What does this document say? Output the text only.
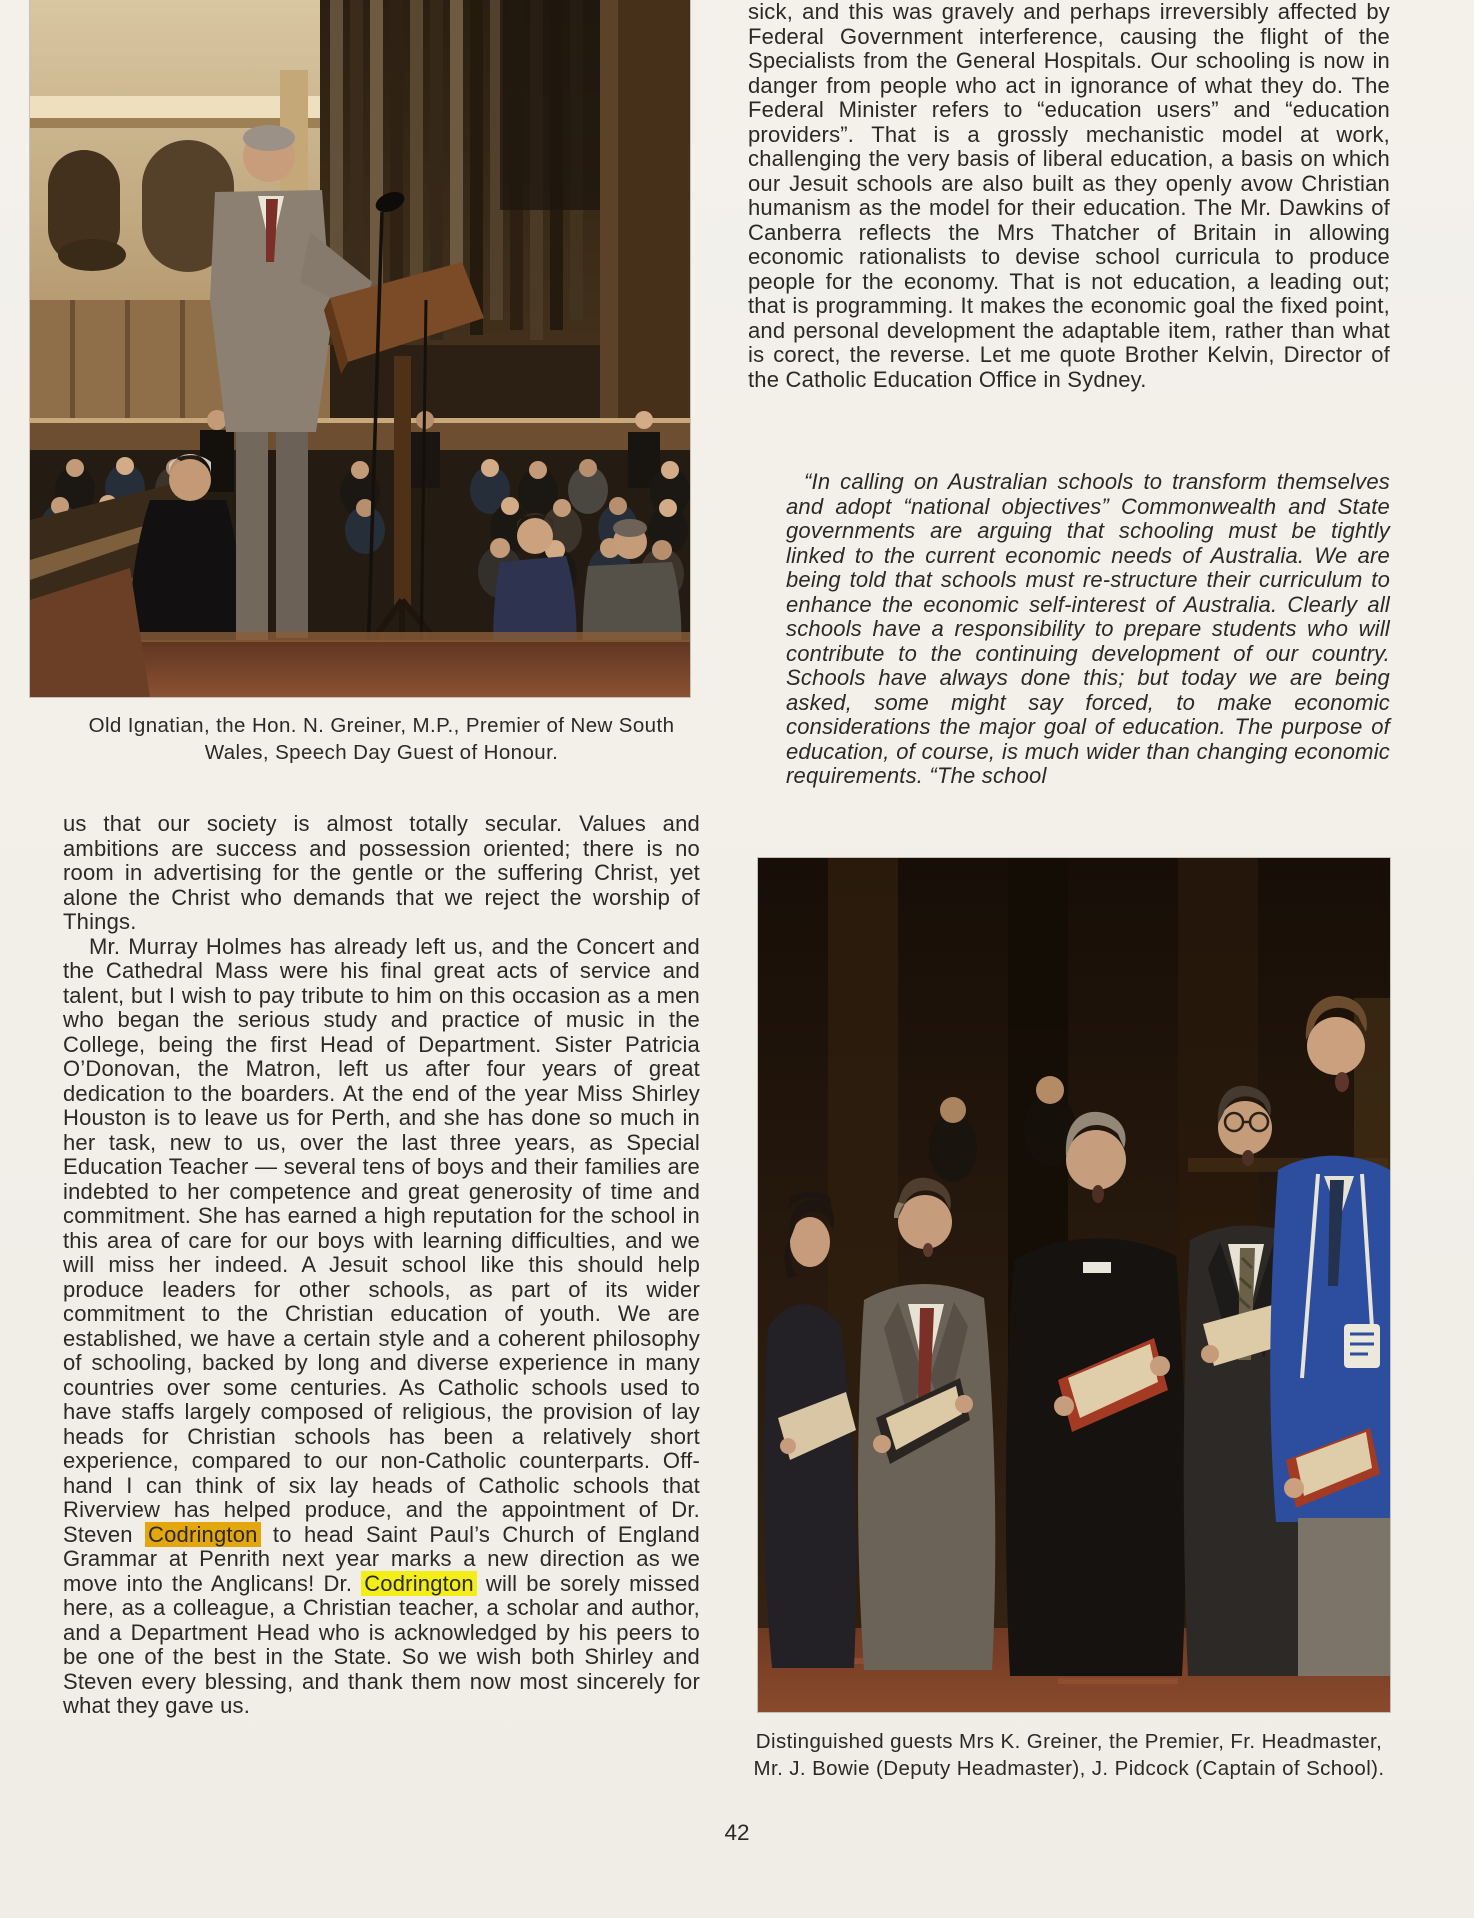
Old Ignatian, the Hon. N. Greiner, M.P., Premier of New South Wales, Speech Day Guest of Honour.

us that our society is almost totally secular. Values and ambitions are success and possession oriented; there is no room in advertising for the gentle or the suffering Christ, yet alone the Christ who demands that we reject the worship of Things.

Mr. Murray Holmes has already left us, and the Concert and the Cathedral Mass were his final great acts of service and talent, but I wish to pay tribute to him on this occasion as a men who began the serious study and practice of music in the College, being the first Head of Department. Sister Patricia O’Donovan, the Matron, left us after four years of great dedication to the boarders. At the end of the year Miss Shirley Houston is to leave us for Perth, and she has done so much in her task, new to us, over the last three years, as Special Education Teacher — several tens of boys and their families are indebted to her competence and great generosity of time and commitment. She has earned a high reputation for the school in this area of care for our boys with learning difficulties, and we will miss her indeed. A Jesuit school like this should help produce leaders for other schools, as part of its wider commitment to the Christian education of youth. We are established, we have a certain style and a coherent philosophy of schooling, backed by long and diverse experience in many countries over some centuries. As Catholic schools used to have staffs largely composed of religious, the provision of lay heads for Christian schools has been a relatively short experience, compared to our non-Catholic counterparts. Off-hand I can think of six lay heads of Catholic schools that Riverview has helped produce, and the appointment of Dr. Steven Codrington to head Saint Paul’s Church of England Grammar at Penrith next year marks a new direction as we move into the Anglicans! Dr. Codrington will be sorely missed here, as a colleague, a Christian teacher, a scholar and author, and a Department Head who is acknowledged by his peers to be one of the best in the State. So we wish both Shirley and Steven every blessing, and thank them now most sincerely for what they gave us.

sick, and this was gravely and perhaps irreversibly affected by Federal Government interference, causing the flight of the Specialists from the General Hospitals. Our schooling is now in danger from people who act in ignorance of what they do. The Federal Minister refers to “education users” and “education providers”. That is a grossly mechanistic model at work, challenging the very basis of liberal education, a basis on which our Jesuit schools are also built as they openly avow Christian humanism as the model for their education. The Mr. Dawkins of Canberra reflects the Mrs Thatcher of Britain in allowing economic rationalists to devise school curricula to produce people for the economy. That is not education, a leading out; that is programming. It makes the economic goal the fixed point, and personal development the adaptable item, rather than what is corect, the reverse. Let me quote Brother Kelvin, Director of the Catholic Education Office in Sydney.

“In calling on Australian schools to transform themselves and adopt “national objectives” Commonwealth and State governments are arguing that schooling must be tightly linked to the current economic needs of Australia. We are being told that schools must re-structure their curriculum to enhance the economic self-interest of Australia. Clearly all schools have a responsibility to prepare students who will contribute to the continuing development of our country. Schools have always done this; but today we are being asked, some might say forced, to make economic considerations the major goal of education. The purpose of education, of course, is much wider than changing economic requirements. “The school

Distinguished guests Mrs K. Greiner, the Premier, Fr. Headmaster, Mr. J. Bowie (Deputy Headmaster), J. Pidcock (Captain of School).
42
